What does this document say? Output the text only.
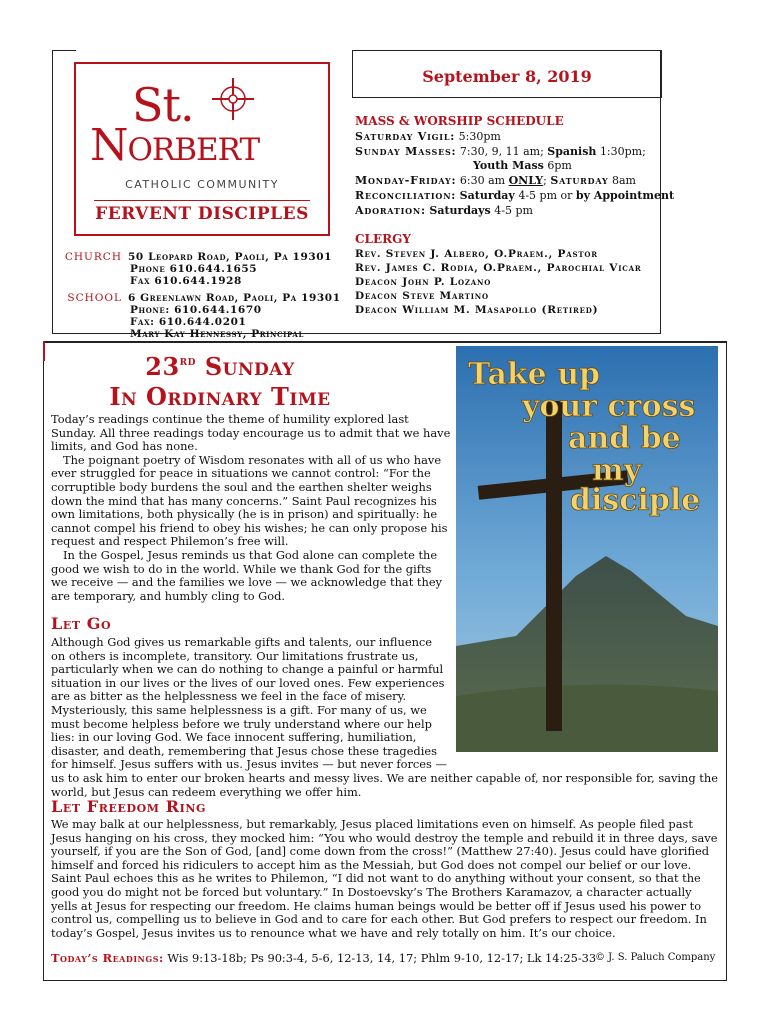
September 8, 2019
St.
Norbert
CATHOLIC COMMUNITY
FERVENT DISCIPLES
CHURCH 50 Leopard Road, Paoli, Pa 19301
Phone 610.644.1655
Fax 610.644.1928
SCHOOL 6 Greenlawn Road, Paoli, Pa 19301
Phone: 610.644.1670
Fax: 610.644.0201
Mary Kay Hennessy, Principal
MASS & WORSHIP SCHEDULE
Saturday Vigil: 5:30pm
Sunday Masses: 7:30, 9, 11 am; Spanish 1:30pm;
Youth Mass 6pm
Monday-Friday: 6:30 am ONLY; Saturday 8am
Reconciliation: Saturday 4-5 pm or by Appointment
Adoration: Saturdays 4-5 pm
CLERGY
Rev. Steven J. Albero, O.Praem., Pastor
Rev. James C. Rodia, O.Praem., Parochial Vicar
Deacon John P. Lozano
Deacon Steve Martino
Deacon William M. Masapollo (Retired)
23rd Sunday
In Ordinary Time

Today’s readings continue the theme of humility explored last Sunday. All three readings today encourage us to admit that we have limits, and God has none.

The poignant poetry of Wisdom resonates with all of us who have ever struggled for peace in situations we cannot control: “For the corruptible body burdens the soul and the earthen shelter weighs down the mind that has many concerns.” Saint Paul recognizes his own limitations, both physically (he is in prison) and spiritually: he cannot compel his friend to obey his wishes; he can only propose his request and respect Philemon’s free will.

In the Gospel, Jesus reminds us that God alone can complete the good we wish to do in the world. While we thank God for the gifts we receive — and the families we love — we acknowledge that they are temporary, and humbly cling to God.

Let Go

Although God gives us remarkable gifts and talents, our influence on others is incomplete, transitory. Our limitations frustrate us, particularly when we can do nothing to change a painful or harmful situation in our lives or the lives of our loved ones. Few experiences are as bitter as the helplessness we feel in the face of misery. Mysteriously, this same helplessness is a gift. For many of us, we must become helpless before we truly understand where our help lies: in our loving God. We face innocent suffering, humiliation, disaster, and death, remembering that Jesus chose these tragedies for himself. Jesus suffers with us. Jesus invites — but never forces — us to ask him to enter our broken hearts and messy lives. We are neither capable of, nor responsible for, saving the world, but Jesus can redeem everything we offer him.

Let Freedom Ring
We may balk at our helplessness, but remarkably, Jesus placed limitations even on himself. As people filed past Jesus hanging on his cross, they mocked him: “You who would destroy the temple and rebuild it in three days, save yourself, if you are the Son of God, [and] come down from the cross!” (Matthew 27:40). Jesus could have glorified himself and forced his ridiculers to accept him as the Messiah, but God does not compel our belief or our love. Saint Paul echoes this as he writes to Philemon, “I did not want to do anything without your consent, so that the good you do might not be forced but voluntary.” In Dostoevsky’s The Brothers Karamazov, a character actually yells at Jesus for respecting our freedom. He claims human beings would be better off if Jesus used his power to control us, compelling us to believe in God and to care for each other. But God prefers to respect our freedom. In today’s Gospel, Jesus invites us to renounce what we have and rely totally on him. It’s our choice.
Today’s Readings: Wis 9:13-18b; Ps 90:3-4, 5-6, 12-13, 14, 17; Phlm 9-10, 12-17; Lk 14:25-33
© J. S. Paluch Company
Take up
your cross
and be
my
disciple
